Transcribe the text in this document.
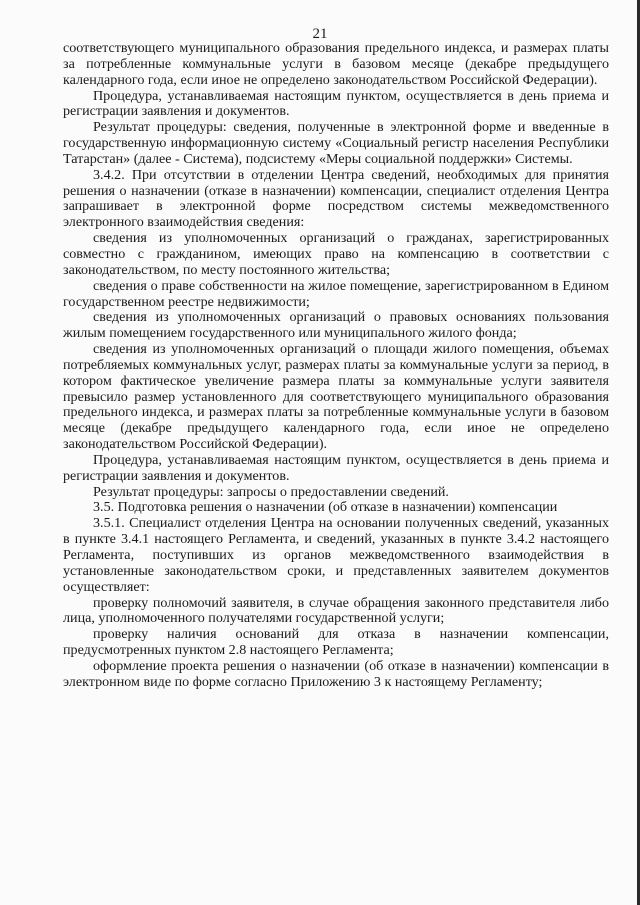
21

соответствующего муниципального образования предельного индекса, и размерах платы за потребленные коммунальные услуги в базовом месяце (декабре предыдущего календарного года, если иное не определено законодательством Российской Федерации).

Процедура, устанавливаемая настоящим пунктом, осуществляется в день приема и регистрации заявления и документов.

Результат процедуры: сведения, полученные в электронной форме и введенные в государственную информационную систему «Социальный регистр населения Республики Татарстан» (далее - Система), подсистему «Меры социальной поддержки» Системы.

3.4.2. При отсутствии в отделении Центра сведений, необходимых для принятия решения о назначении (отказе в назначении) компенсации, специалист отделения Центра запрашивает в электронной форме посредством системы межведомственного электронного взаимодействия сведения:

сведения из уполномоченных организаций о гражданах, зарегистрированных совместно с гражданином, имеющих право на компенсацию в соответствии с законодательством, по месту постоянного жительства;

сведения о праве собственности на жилое помещение, зарегистрированном в Едином государственном реестре недвижимости;

сведения из уполномоченных организаций о правовых основаниях пользования жилым помещением государственного или муниципального жилого фонда;

сведения из уполномоченных организаций о площади жилого помещения, объемах потребляемых коммунальных услуг, размерах платы за коммунальные услуги за период, в котором фактическое увеличение размера платы за коммунальные услуги заявителя превысило размер установленного для соответствующего муниципального образования предельного индекса, и размерах платы за потребленные коммунальные услуги в базовом месяце (декабре предыдущего календарного года, если иное не определено законодательством Российской Федерации).

Процедура, устанавливаемая настоящим пунктом, осуществляется в день приема и регистрации заявления и документов.

Результат процедуры: запросы о предоставлении сведений.

3.5. Подготовка решения о назначении (об отказе в назначении) компенсации

3.5.1. Специалист отделения Центра на основании полученных сведений, указанных в пункте 3.4.1 настоящего Регламента, и сведений, указанных в пункте 3.4.2 настоящего Регламента, поступивших из органов межведомственного взаимодействия в установленные законодательством сроки, и представленных заявителем документов осуществляет:

проверку полномочий заявителя, в случае обращения законного представителя либо лица, уполномоченного получателями государственной услуги;

проверку наличия оснований для отказа в назначении компенсации, предусмотренных пунктом 2.8 настоящего Регламента;

оформление проекта решения о назначении (об отказе в назначении) компенсации в электронном виде по форме согласно Приложению 3 к настоящему Регламенту;
